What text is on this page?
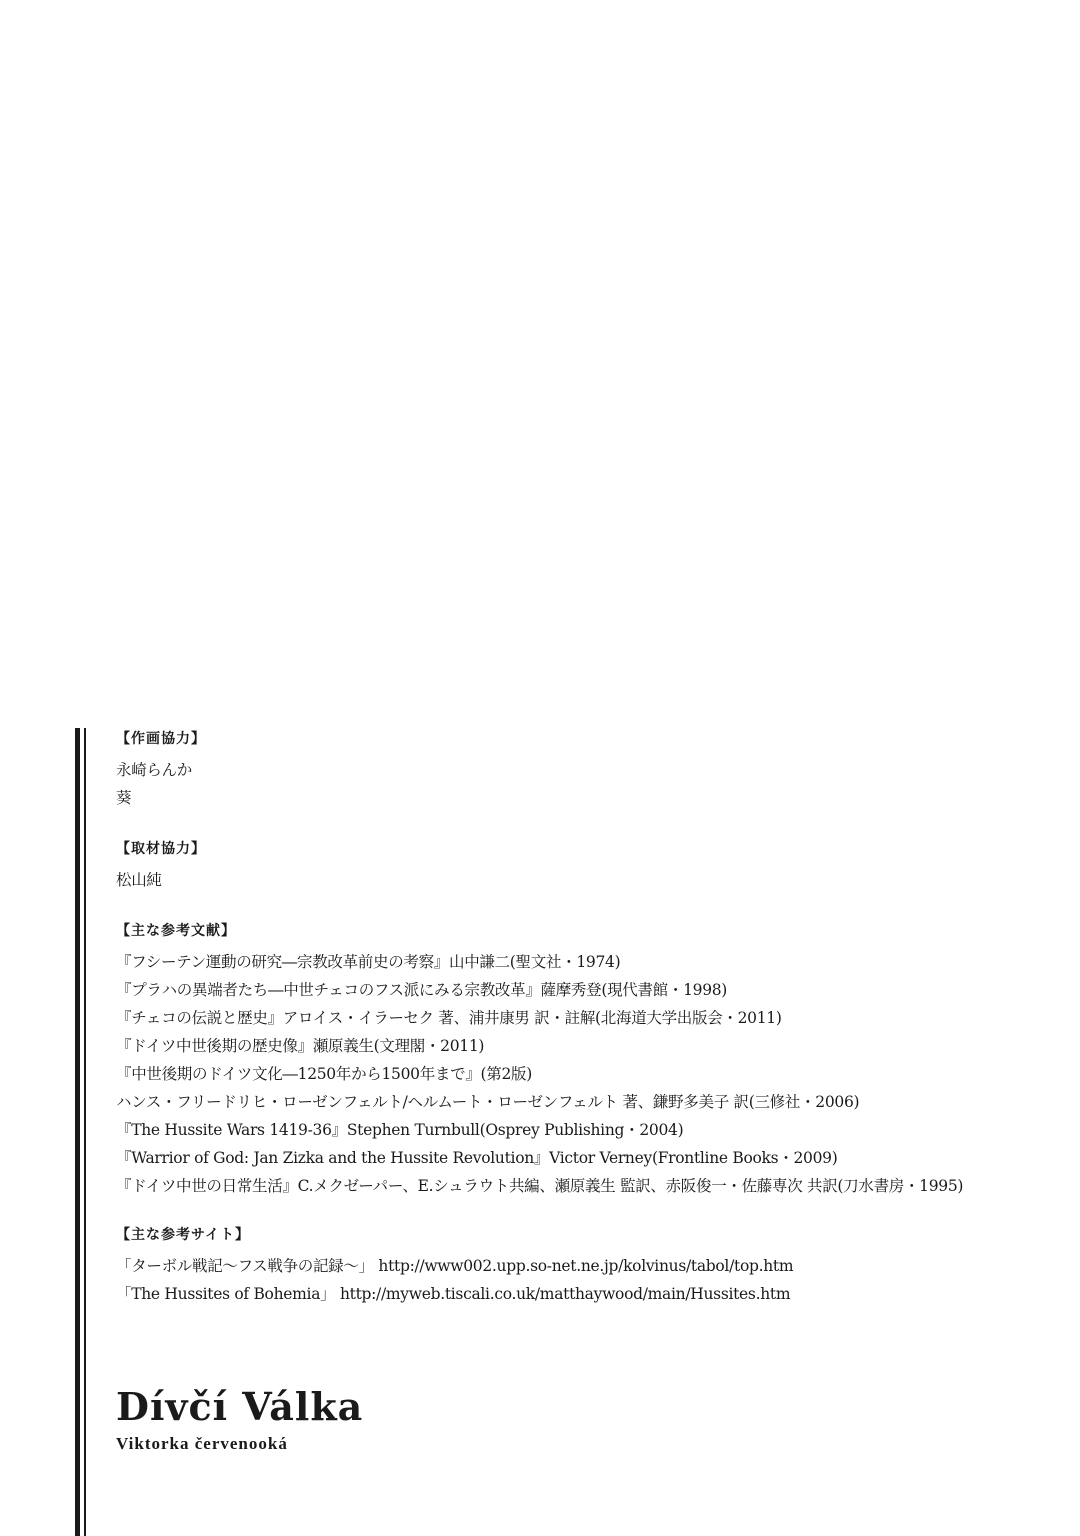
【作画協力】
永崎らんか
葵
【取材協力】
松山純
【主な参考文献】
『フシーテン運動の研究―宗教改革前史の考察』山中謙二(聖文社・1974)
『プラハの異端者たち―中世チェコのフス派にみる宗教改革』薩摩秀登(現代書館・1998)
『チェコの伝説と歴史』アロイス・イラーセク 著、浦井康男 訳・註解(北海道大学出版会・2011)
『ドイツ中世後期の歴史像』瀬原義生(文理閣・2011)
『中世後期のドイツ文化―1250年から1500年まで』(第2版)
ハンス・フリードリヒ・ローゼンフェルト/ヘルムート・ローゼンフェルト 著、鎌野多美子 訳(三修社・2006)
『The Hussite Wars 1419-36』Stephen Turnbull(Osprey Publishing・2004)
『Warrior of God: Jan Zizka and the Hussite Revolution』Victor Verney(Frontline Books・2009)
『ドイツ中世の日常生活』C.メクゼーパー、E.シュラウト共編、瀬原義生 監訳、赤阪俊一・佐藤専次 共訳(刀水書房・1995)
【主な参考サイト】
「ターボル戦記～フス戦争の記録～」 http://www002.upp.so-net.ne.jp/kolvinus/tabol/top.htm
「The Hussites of Bohemia」 http://myweb.tiscali.co.uk/matthaywood/main/Hussites.htm
Dívčí Válka
Viktorka červenooká
